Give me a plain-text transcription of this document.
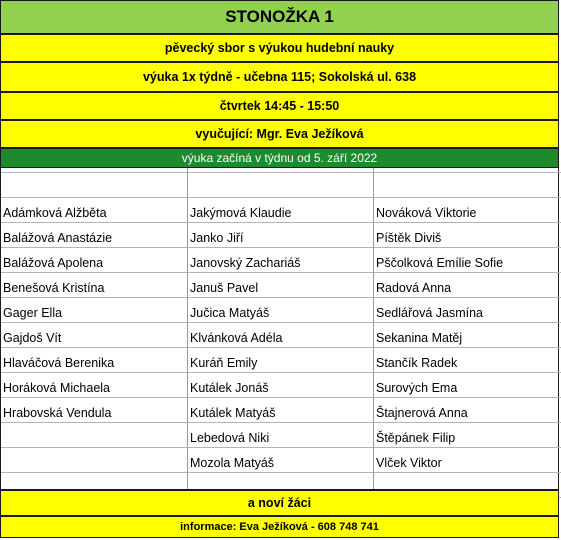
STONOŽKA 1
pěvecký sbor s výukou hudební nauky
výuka 1x týdně - učebna 115; Sokolská ul. 638
čtvrtek 14:45 - 15:50
vyučující: Mgr. Eva Ježíková
výuka začíná v týdnu od 5. září 2022
Adámková Alžběta
Balážová Anastázie
Balážová Apolena
Benešová Kristína
Gager Ella
Gajdoš Vít
Hlaváčová Berenika
Horáková Michaela
Hrabovská Vendula
Jakýmová Klaudie
Janko Jiří
Janovský Zachariáš
Januš Pavel
Jučica Matyáš
Klvánková Adéla
Kuráň Emily
Kutálek Jonáš
Kutálek Matyáš
Lebedová Niki
Mozola Matyáš
Nováková Viktorie
Píštěk Diviš
Pščolková Emílie Sofie
Radová Anna
Sedlářová Jasmína
Sekanina Matěj
Stančík Radek
Surových Ema
Štajnerová Anna
Štěpánek Filip
Vlček Viktor
a noví žáci
informace: Eva Ježíková - 608 748 741
